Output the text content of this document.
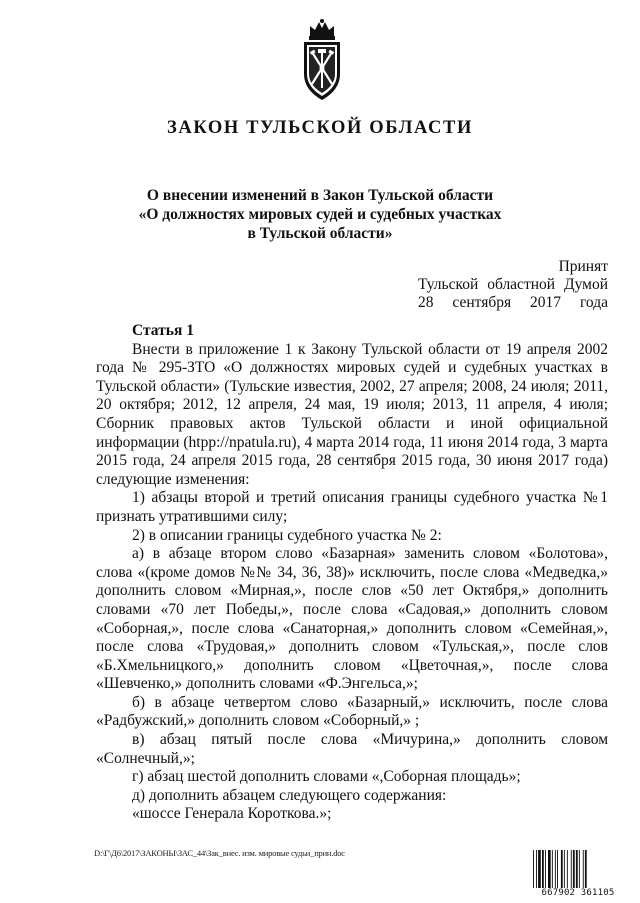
ЗАКОН ТУЛЬСКОЙ ОБЛАСТИ
О внесении изменений в Закон Тульской области
«О должностях мировых судей и судебных участках
в Тульской области»
Принят
Тульской областной Думой
28 сентября 2017 года

Статья 1

Внести в приложение 1 к Закону Тульской области от 19 апреля 2002 года № 295-ЗТО «О должностях мировых судей и судебных участках в Тульской области» (Тульские известия, 2002, 27 апреля; 2008, 24 июля; 2011, 20 октября; 2012, 12 апреля, 24 мая, 19 июля; 2013, 11 апреля, 4 июля; Сборник правовых актов Тульской области и иной официальной информации (htpp://npatula.ru), 4 марта 2014 года, 11 июня 2014 года, 3 марта 2015 года, 24 апреля 2015 года, 28 сентября 2015 года, 30 июня 2017 года) следующие изменения:

1) абзацы второй и третий описания границы судебного участка №1 признать утратившими силу;

2) в описании границы судебного участка № 2:

а) в абзаце втором слово «Базарная» заменить словом «Болотова», слова «(кроме домов №№ 34, 36, 38)» исключить, после слова «Медведка,» дополнить словом «Мирная,», после слов «50 лет Октября,» дополнить словами «70 лет Победы,», после слова «Садовая,» дополнить словом «Соборная,», после слова «Санаторная,» дополнить словом «Семейная,», после слова «Трудовая,» дополнить словом «Тульская,», после слов «Б.Хмельницкого,» дополнить словом «Цветочная,», после слова «Шевченко,» дополнить словами «Ф.Энгельса,»;

б) в абзаце четвертом слово «Базарный,» исключить, после слова «Радбужский,» дополнить словом «Соборный,» ;

в) абзац пятый после слова «Мичурина,» дополнить словом «Солнечный,»;

г) абзац шестой дополнить словами «,Соборная площадь»;

д) дополнить абзацем следующего содержания:

«шоссе Генерала Короткова.»;

D:\Г\Д6\2017\ЗАКОНЫ\ЗАС_44\Зак_внес. изм. мировые судьи_прин.doc
667902 361105
